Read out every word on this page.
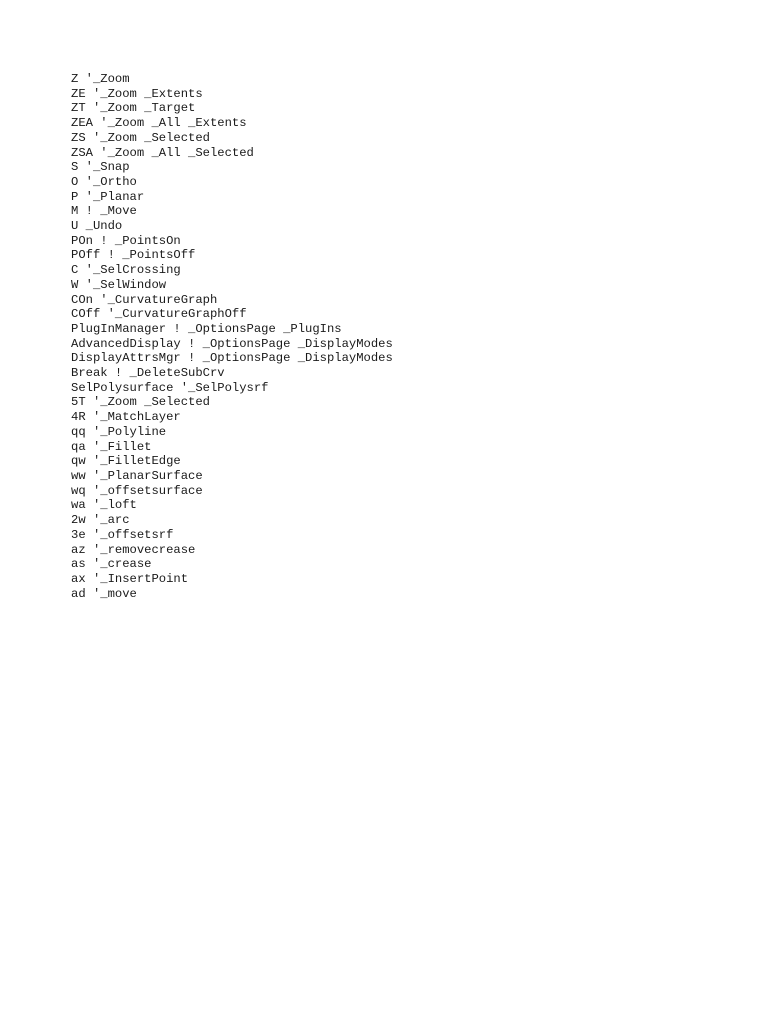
Z '_Zoom
ZE '_Zoom _Extents
ZT '_Zoom _Target
ZEA '_Zoom _All _Extents
ZS '_Zoom _Selected
ZSA '_Zoom _All _Selected
S '_Snap
O '_Ortho
P '_Planar
M ! _Move
U _Undo
POn ! _PointsOn
POff ! _PointsOff
C '_SelCrossing
W '_SelWindow
COn '_CurvatureGraph
COff '_CurvatureGraphOff
PlugInManager ! _OptionsPage _PlugIns
AdvancedDisplay ! _OptionsPage _DisplayModes
DisplayAttrsMgr ! _OptionsPage _DisplayModes
Break ! _DeleteSubCrv
SelPolysurface '_SelPolysrf
5T '_Zoom _Selected
4R '_MatchLayer
qq '_Polyline
qa '_Fillet
qw '_FilletEdge
ww '_PlanarSurface
wq '_offsetsurface
wa '_loft
2w '_arc
3e '_offsetsrf
az '_removecrease
as '_crease
ax '_InsertPoint
ad '_move
